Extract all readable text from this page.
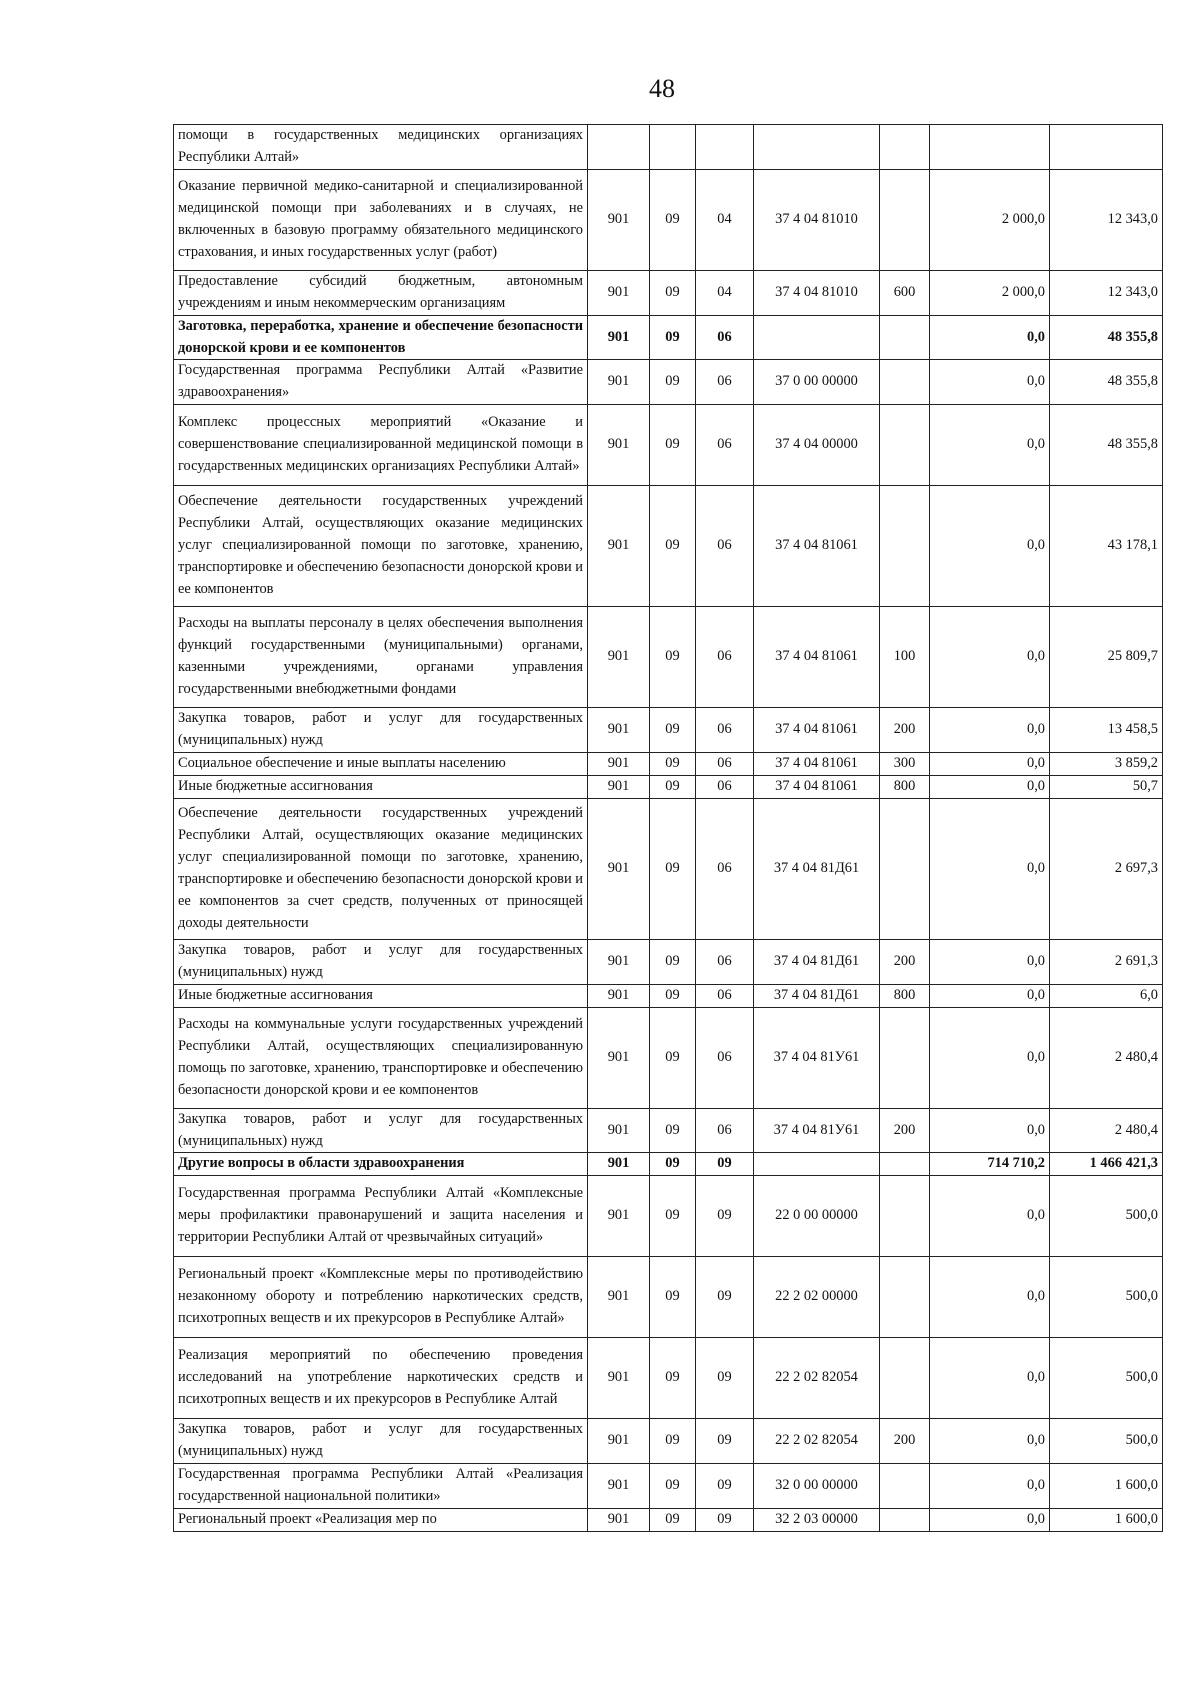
48
помощи в государственных медицинских организациях Республики Алтай»							
Оказание первичной медико-санитарной и специализированной медицинской помощи при заболеваниях и в случаях, не включенных в базовую программу обязательного медицинского страхования, и иных государственных услуг (работ)	901	09	04	37 4 04 81010		2 000,0	12 343,0
Предоставление субсидий бюджетным, автономным учреждениям и иным некоммерческим организациям	901	09	04	37 4 04 81010	600	2 000,0	12 343,0
Заготовка, переработка, хранение и обеспечение безопасности донорской крови и ее компонентов	901	09	06			0,0	48 355,8
Государственная программа Республики Алтай «Развитие здравоохранения»	901	09	06	37 0 00 00000		0,0	48 355,8
Комплекс процессных мероприятий «Оказание и совершенствование специализированной медицинской помощи в государственных медицинских организациях Республики Алтай»	901	09	06	37 4 04 00000		0,0	48 355,8
Обеспечение деятельности государственных учреждений Республики Алтай, осуществляющих оказание медицинских услуг специализированной помощи по заготовке, хранению, транспортировке и обеспечению безопасности донорской крови и ее компонентов	901	09	06	37 4 04 81061		0,0	43 178,1
Расходы на выплаты персоналу в целях обеспечения выполнения функций государственными (муниципальными) органами, казенными учреждениями, органами управления государственными внебюджетными фондами	901	09	06	37 4 04 81061	100	0,0	25 809,7
Закупка товаров, работ и услуг для государственных (муниципальных) нужд	901	09	06	37 4 04 81061	200	0,0	13 458,5
Социальное обеспечение и иные выплаты населению	901	09	06	37 4 04 81061	300	0,0	3 859,2
Иные бюджетные ассигнования	901	09	06	37 4 04 81061	800	0,0	50,7
Обеспечение деятельности государственных учреждений Республики Алтай, осуществляющих оказание медицинских услуг специализированной помощи по заготовке, хранению, транспортировке и обеспечению безопасности донорской крови и ее компонентов за счет средств, полученных от приносящей доходы деятельности	901	09	06	37 4 04 81Д61		0,0	2 697,3
Закупка товаров, работ и услуг для государственных (муниципальных) нужд	901	09	06	37 4 04 81Д61	200	0,0	2 691,3
Иные бюджетные ассигнования	901	09	06	37 4 04 81Д61	800	0,0	6,0
Расходы на коммунальные услуги государственных учреждений Республики Алтай, осуществляющих специализированную помощь по заготовке, хранению, транспортировке и обеспечению безопасности донорской крови и ее компонентов	901	09	06	37 4 04 81У61		0,0	2 480,4
Закупка товаров, работ и услуг для государственных (муниципальных) нужд	901	09	06	37 4 04 81У61	200	0,0	2 480,4
Другие вопросы в области здравоохранения	901	09	09			714 710,2	1 466 421,3
Государственная программа Республики Алтай «Комплексные меры профилактики правонарушений и защита населения и территории Республики Алтай от чрезвычайных ситуаций»	901	09	09	22 0 00 00000		0,0	500,0
Региональный проект «Комплексные меры по противодействию незаконному обороту и потреблению наркотических средств, психотропных веществ и их прекурсоров в Республике Алтай»	901	09	09	22 2 02 00000		0,0	500,0
Реализация мероприятий по обеспечению проведения исследований на употребление наркотических средств и психотропных веществ и их прекурсоров в Республике Алтай	901	09	09	22 2 02 82054		0,0	500,0
Закупка товаров, работ и услуг для государственных (муниципальных) нужд	901	09	09	22 2 02 82054	200	0,0	500,0
Государственная программа Республики Алтай «Реализация государственной национальной политики»	901	09	09	32 0 00 00000		0,0	1 600,0
Региональный проект «Реализация мер по	901	09	09	32 2 03 00000		0,0	1 600,0
